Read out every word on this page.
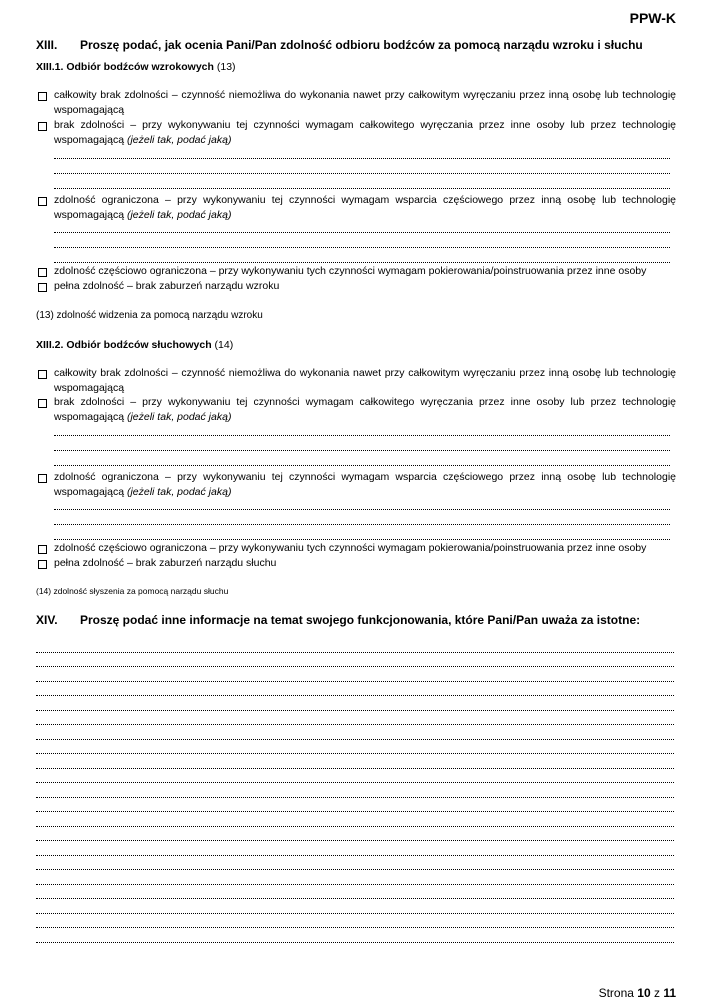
PPW-K
XIII. Proszę podać, jak ocenia Pani/Pan zdolność odbioru bodźców za pomocą narządu wzroku i słuchu
XIII.1. Odbiór bodźców wzrokowych (13)
całkowity brak zdolności – czynność niemożliwa do wykonania nawet przy całkowitym wyręczaniu przez inną osobę lub technologię wspomagającą
brak zdolności – przy wykonywaniu tej czynności wymagam całkowitego wyręczania przez inne osoby lub przez technologię wspomagającą (jeżeli tak, podać jaką)
zdolność ograniczona – przy wykonywaniu tej czynności wymagam wsparcia częściowego przez inną osobę lub technologię wspomagającą (jeżeli tak, podać jaką)
zdolność częściowo ograniczona – przy wykonywaniu tych czynności wymagam pokierowania/poinstruowania przez inne osoby
pełna zdolność – brak zaburzeń narządu wzroku
(13) zdolność widzenia za pomocą narządu wzroku
XIII.2. Odbiór bodźców słuchowych (14)
całkowity brak zdolności – czynność niemożliwa do wykonania nawet przy całkowitym wyręczaniu przez inną osobę lub technologię wspomagającą
brak zdolności – przy wykonywaniu tej czynności wymagam całkowitego wyręczania przez inne osoby lub przez technologię wspomagającą (jeżeli tak, podać jaką)
zdolność ograniczona – przy wykonywaniu tej czynności wymagam wsparcia częściowego przez inną osobę lub technologię wspomagającą (jeżeli tak, podać jaką)
zdolność częściowo ograniczona – przy wykonywaniu tych czynności wymagam pokierowania/poinstruowania przez inne osoby
pełna zdolność – brak zaburzeń narządu słuchu
(14) zdolność słyszenia za pomocą narządu słuchu
XIV. Proszę podać inne informacje na temat swojego funkcjonowania, które Pani/Pan uważa za istotne:
Strona 10 z 11
